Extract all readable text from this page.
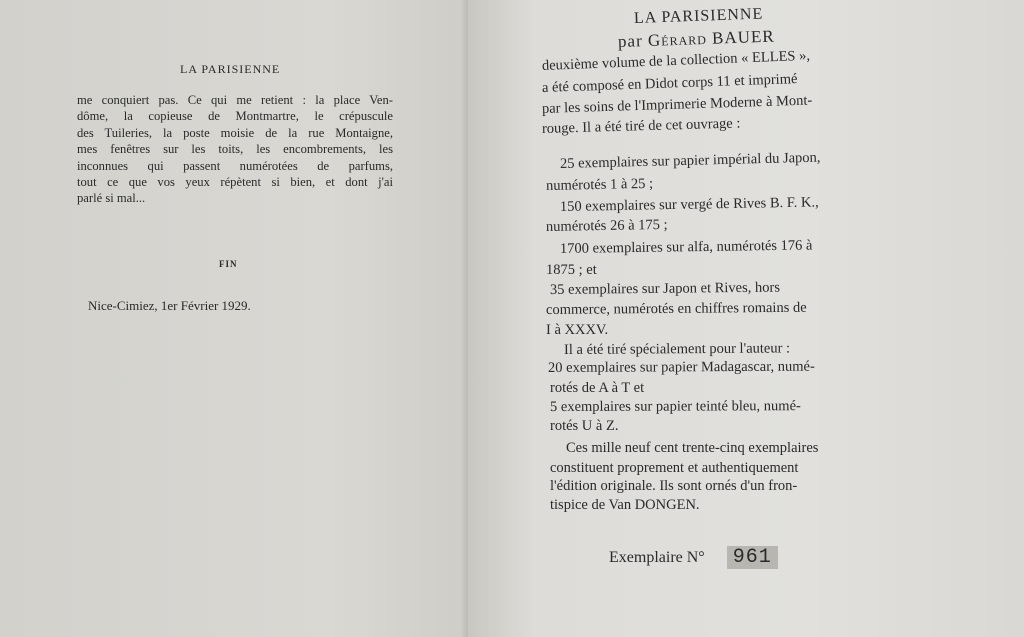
LA PARISIENNE
me conquiert pas. Ce qui me retient : la place Ven-
dôme, la copieuse de Montmartre, le crépuscule
des Tuileries, la poste moisie de la rue Montaigne,
mes fenêtres sur les toits, les encombrements, les
inconnues qui passent numérotées de parfums,
tout ce que vos yeux répètent si bien, et dont j'ai
parlé si mal...
FIN
Nice-Cimiez, 1er Février 1929.
LA PARISIENNE
par Gérard BAUER
deuxième volume de la collection « ELLES »,
a été composé en Didot corps 11 et imprimé
par les soins de l'Imprimerie Moderne à Mont-
rouge. Il a été tiré de cet ouvrage :
25 exemplaires sur papier impérial du Japon,
numérotés 1 à 25 ;
150 exemplaires sur vergé de Rives B. F. K.,
numérotés 26 à 175 ;
1700 exemplaires sur alfa, numérotés 176 à
1875 ; et
35 exemplaires sur Japon et Rives, hors
commerce, numérotés en chiffres romains de
I à XXXV.
Il a été tiré spécialement pour l'auteur :
20 exemplaires sur papier Madagascar, numé-
rotés de A à T et
5 exemplaires sur papier teinté bleu, numé-
rotés U à Z.
Ces mille neuf cent trente-cinq exemplaires
constituent proprement et authentiquement
l'édition originale. Ils sont ornés d'un fron-
tispice de Van DONGEN.
Exemplaire N° 961
